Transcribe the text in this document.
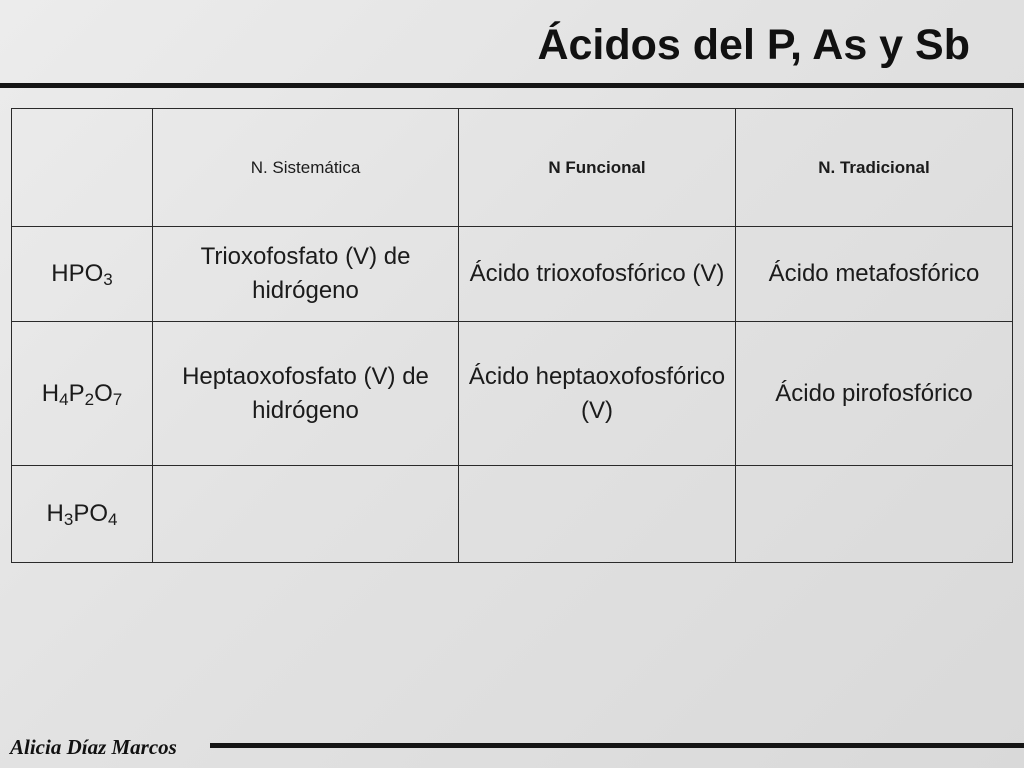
Ácidos del P, As y Sb
	N. Sistemática	N Funcional	N. Tradicional
$HPO_3$	Trioxofosfato (V) de hidrógeno	Ácido trioxofosfórico (V)	Ácido metafosfórico
$H_4P_2O_7$	Heptaoxofosfato (V) de hidrógeno	Ácido heptaoxofosfórico (V)	Ácido pirofosfórico
$H_3PO_4$			
Alicia Díaz Marcos
